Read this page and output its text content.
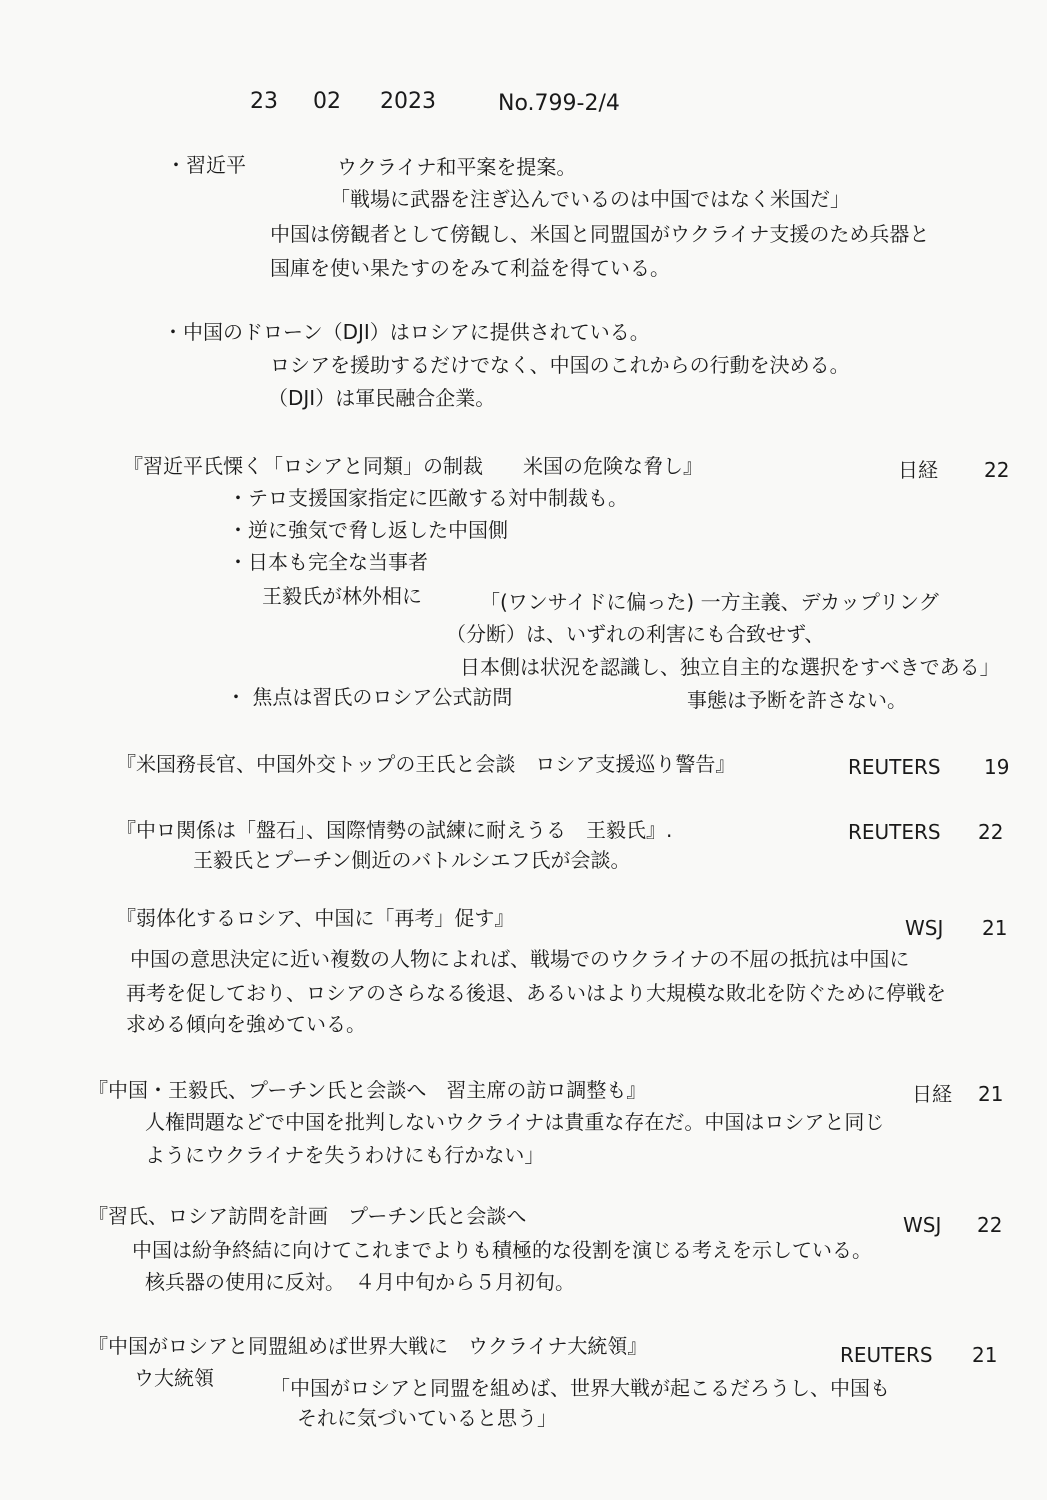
23 02 2023	No.799-2/4
・習近平	ウクライナ和平案を提案。
「戦場に武器を注ぎ込んでいるのは中国ではなく米国だ」
中国は傍観者として傍観し、米国と同盟国がウクライナ支援のため兵器と
国庫を使い果たすのをみて利益を得ている。
・中国のドローン（DJI）はロシアに提供されている。
ロシアを援助するだけでなく、中国のこれからの行動を決める。
（DJI）は軍民融合企業。
『習近平氏慄く「ロシアと同類」の制裁　　米国の危険な脅し』	日経 22
・テロ支援国家指定に匹敵する対中制裁も。
・逆に強気で脅し返した中国側
・日本も完全な当事者
王毅氏が林外相に	「(ワンサイドに偏った) 一方主義、デカップリング
（分断）は、いずれの利害にも合致せず、
日本側は状況を認識し、独立自主的な選択をすべきである」
・ 焦点は習氏のロシア公式訪問	事態は予断を許さない。
『米国務長官、中国外交トップの王氏と会談　ロシア支援巡り警告』	REUTERS 19
『中ロ関係は「盤石」、国際情勢の試練に耐えうる　王毅氏』.	REUTERS 22
王毅氏とプーチン側近のバトルシエフ氏が会談。
『弱体化するロシア、中国に「再考」促す』	WSJ 21
中国の意思決定に近い複数の人物によれば、戦場でのウクライナの不屈の抵抗は中国に
再考を促しており、ロシアのさらなる後退、あるいはより大規模な敗北を防ぐために停戦を
求める傾向を強めている。
『中国・王毅氏、プーチン氏と会談へ　習主席の訪ロ調整も』	日経 21
人権問題などで中国を批判しないウクライナは貴重な存在だ。中国はロシアと同じ
ようにウクライナを失うわけにも行かない」
『習氏、ロシア訪問を計画　プーチン氏と会談へ	WSJ 22
中国は紛争終結に向けてこれまでよりも積極的な役割を演じる考えを示している。
核兵器の使用に反対。　４月中旬から５月初旬。
『中国がロシアと同盟組めば世界大戦に　ウクライナ大統領』	REUTERS 21
ウ大統領	「中国がロシアと同盟を組めば、世界大戦が起こるだろうし、中国も
それに気づいていると思う」
